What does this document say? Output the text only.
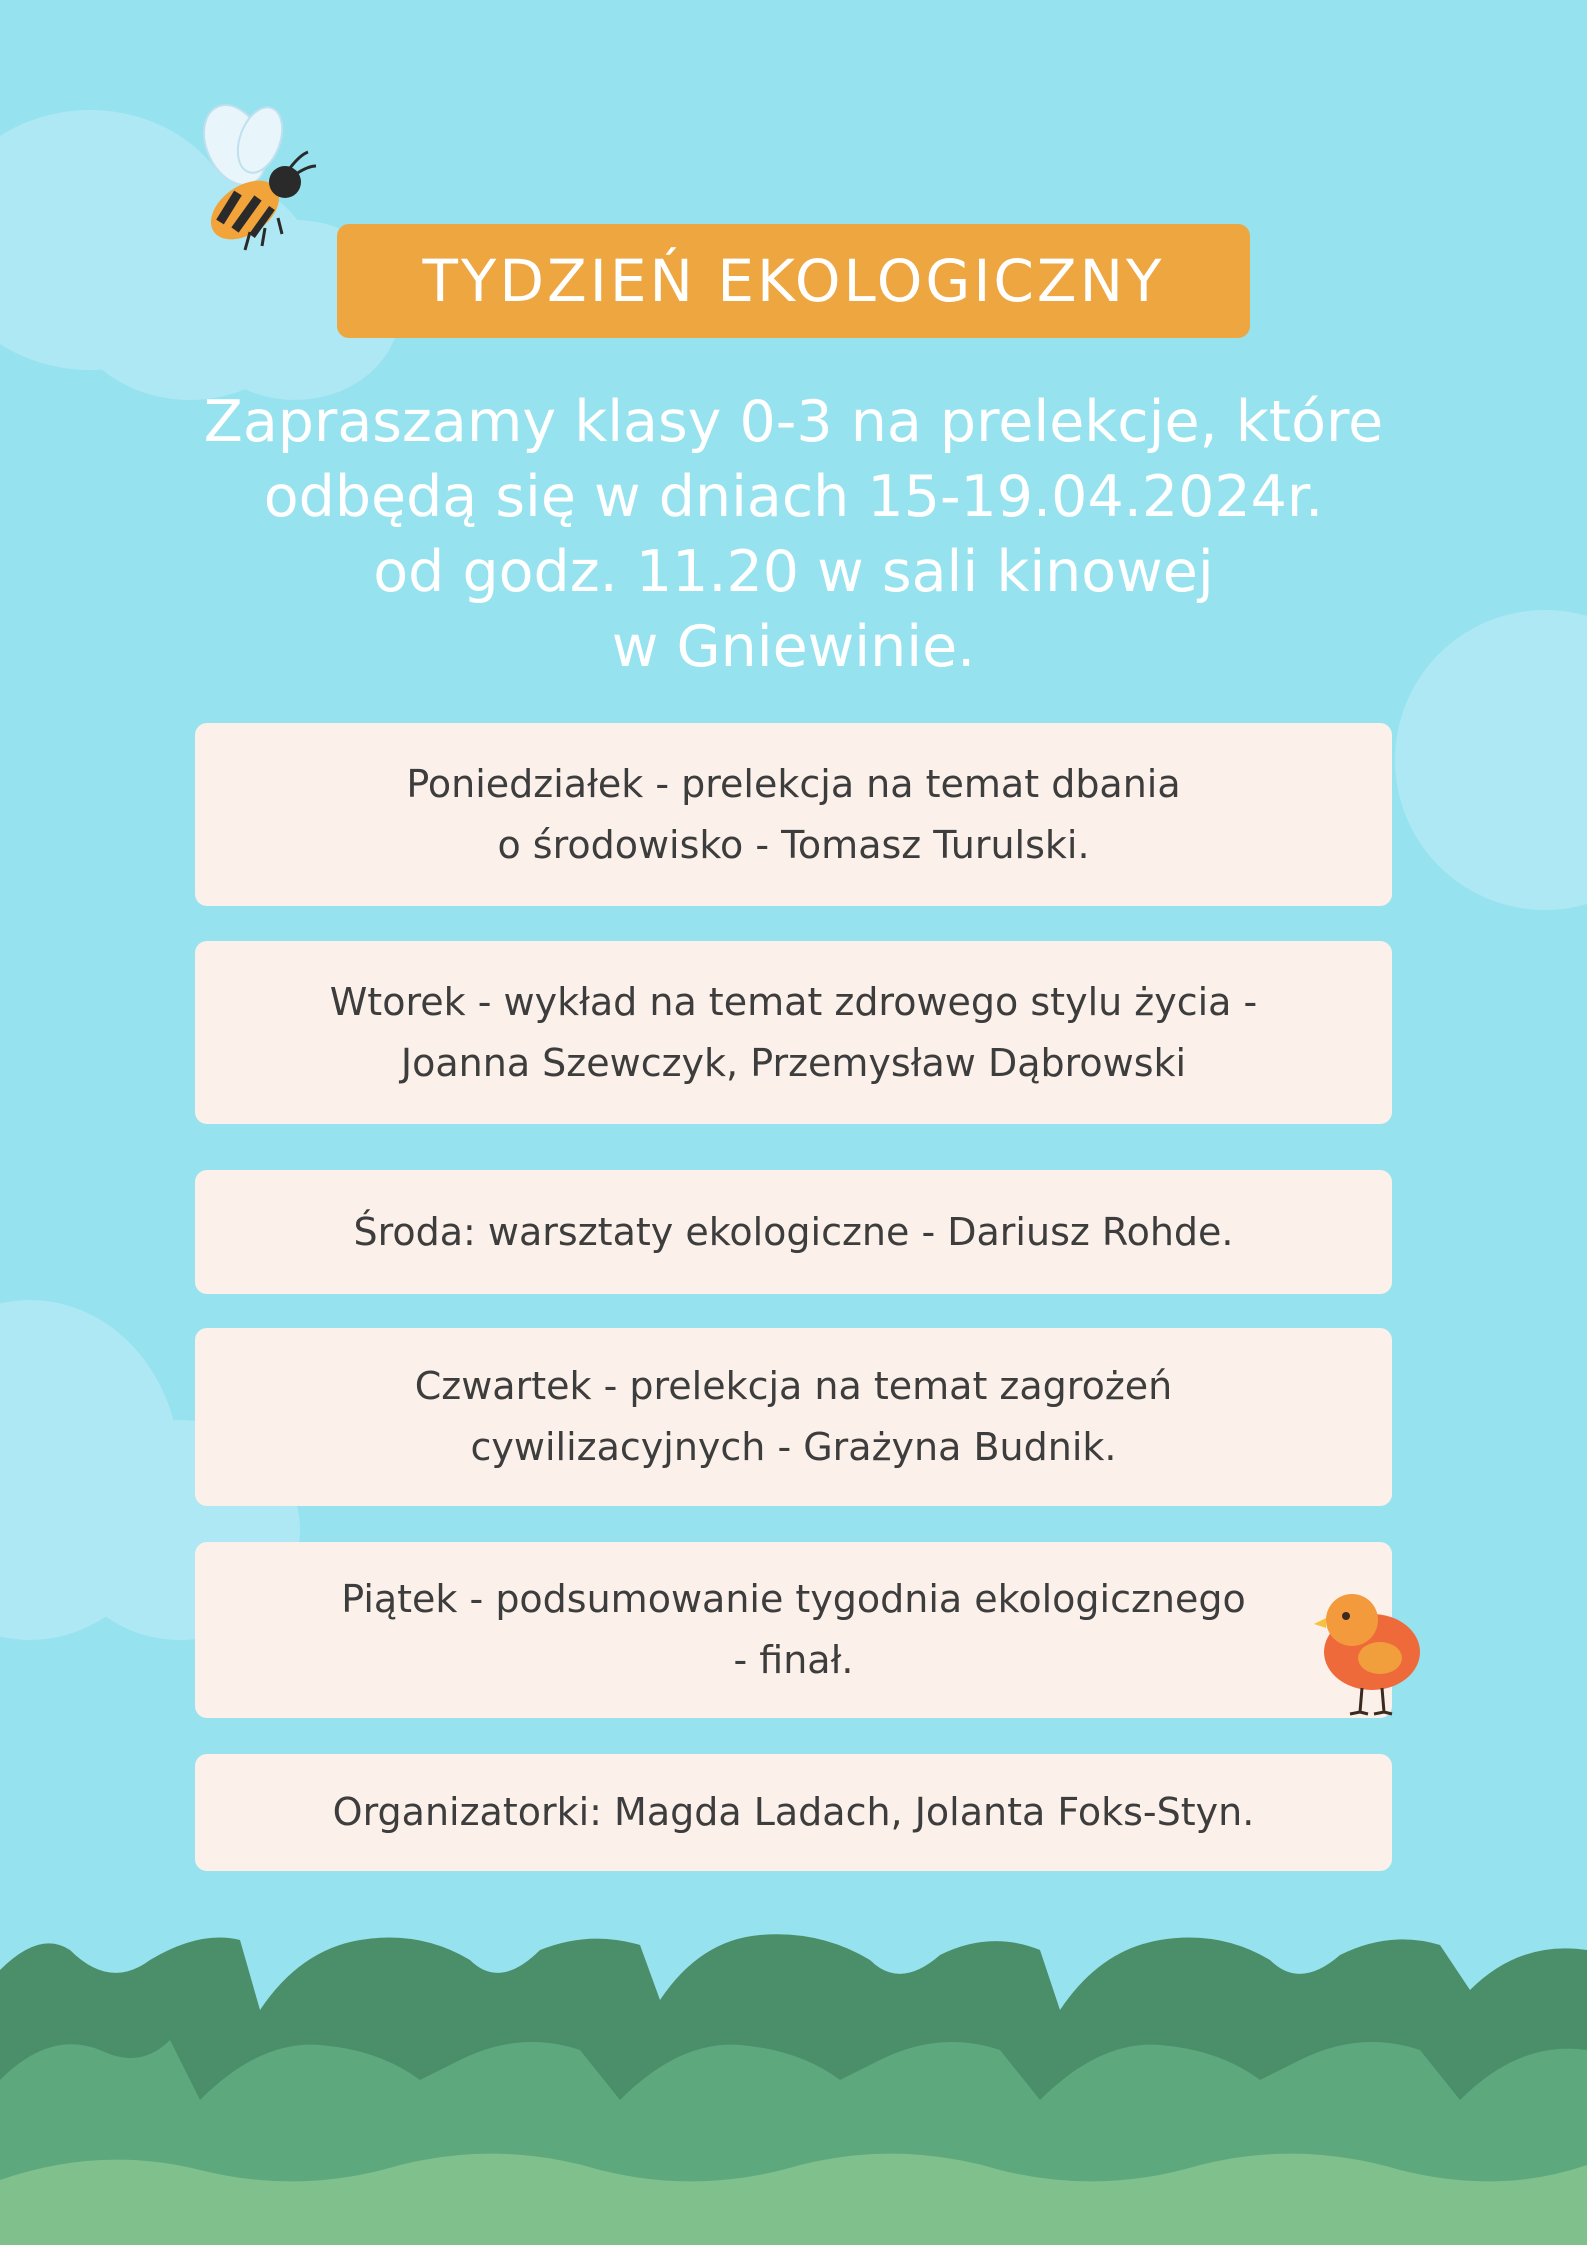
TYDZIEŃ EKOLOGICZNY
Zapraszamy klasy 0-3 na prelekcje, które
odbędą się w dniach 15-19.04.2024r.
od godz. 11.20 w sali kinowej
w Gniewinie.
Poniedziałek - prelekcja na temat dbania
o środowisko - Tomasz Turulski.
Wtorek - wykład na temat zdrowego stylu życia -
Joanna Szewczyk, Przemysław Dąbrowski
Środa: warsztaty ekologiczne - Dariusz Rohde.
Czwartek - prelekcja na temat zagrożeń
cywilizacyjnych - Grażyna Budnik.
Piątek - podsumowanie tygodnia ekologicznego
- finał.
Organizatorki: Magda Ladach, Jolanta Foks-Styn.
